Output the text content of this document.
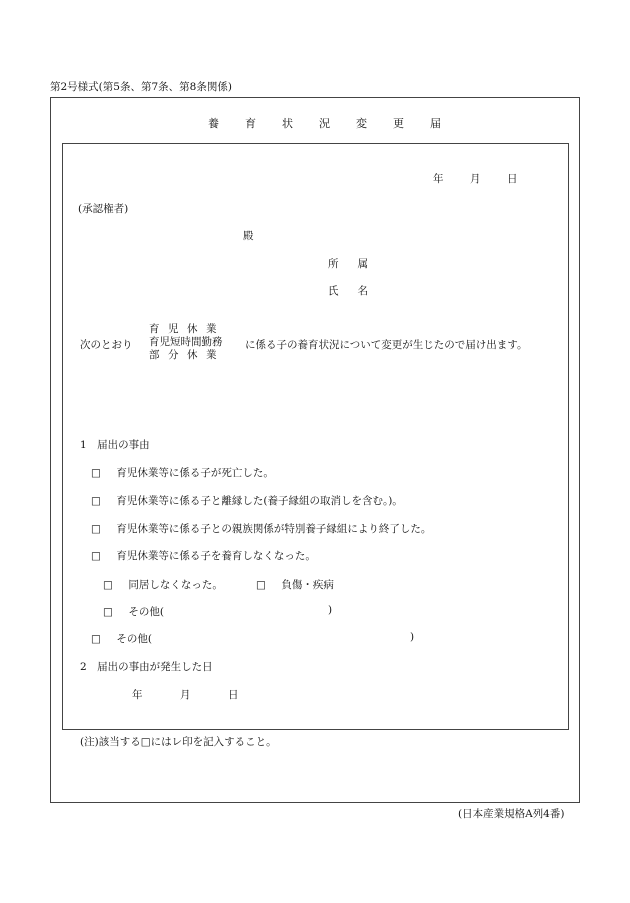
第2号様式(第5条、第7条、第8条関係)
養育状況変更届
年	月	日
(承認権者)
殿
所属
氏名
次のとおり
育児休業
育児短時間勤務
部分休業
に係る子の養育状況について変更が生じたので届け出ます。
1　届出の事由
□ 育児休業等に係る子が死亡した。
□ 育児休業等に係る子と離縁した(養子縁組の取消しを含む。)。
□ 育児休業等に係る子との親族関係が特別養子縁組により終了した。
□ 育児休業等に係る子を養育しなくなった。
□ 同居しなくなった。	□ 負傷・疾病
□ その他(	)
□ その他(	)
2　届出の事由が発生した日
年	月	日
(注)該当する□にはレ印を記入すること。
(日本産業規格A列4番)
